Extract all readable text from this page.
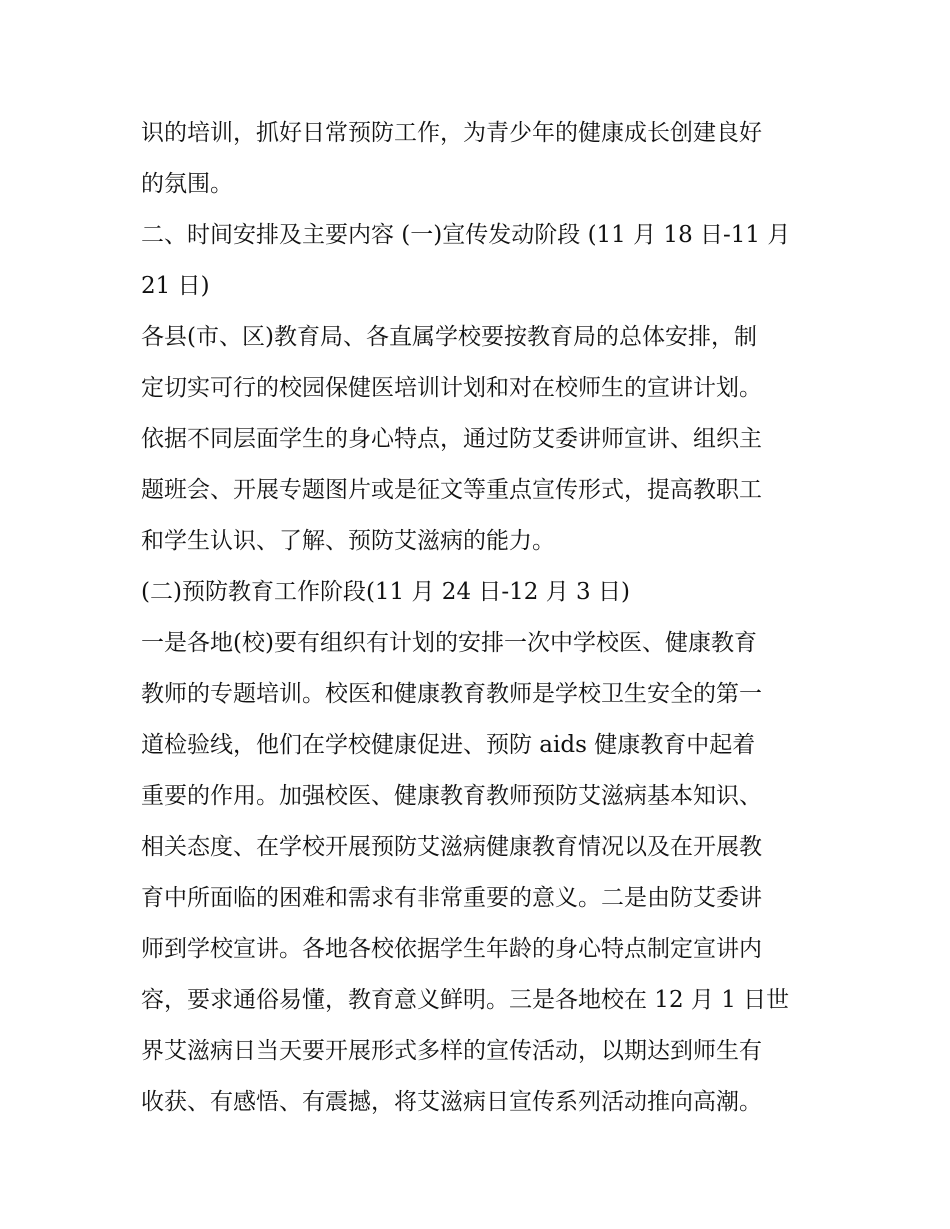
识的培训，抓好日常预防工作，为青少年的健康成长创建良好
的氛围。
二、时间安排及主要内容 (一)宣传发动阶段 (11 月 18 日-11 月
21 日)
各县(市、区)教育局、各直属学校要按教育局的总体安排，制
定切实可行的校园保健医培训计划和对在校师生的宣讲计划。
依据不同层面学生的身心特点，通过防艾委讲师宣讲、组织主
题班会、开展专题图片或是征文等重点宣传形式，提高教职工
和学生认识、了解、预防艾滋病的能力。
(二)预防教育工作阶段(11 月 24 日-12 月 3 日)
一是各地(校)要有组织有计划的安排一次中学校医、健康教育
教师的专题培训。校医和健康教育教师是学校卫生安全的第一
道检验线，他们在学校健康促进、预防 aids 健康教育中起着
重要的作用。加强校医、健康教育教师预防艾滋病基本知识、
相关态度、在学校开展预防艾滋病健康教育情况以及在开展教
育中所面临的困难和需求有非常重要的意义。二是由防艾委讲
师到学校宣讲。各地各校依据学生年龄的身心特点制定宣讲内
容，要求通俗易懂，教育意义鲜明。三是各地校在 12 月 1 日世
界艾滋病日当天要开展形式多样的宣传活动，以期达到师生有
收获、有感悟、有震撼，将艾滋病日宣传系列活动推向高潮。
